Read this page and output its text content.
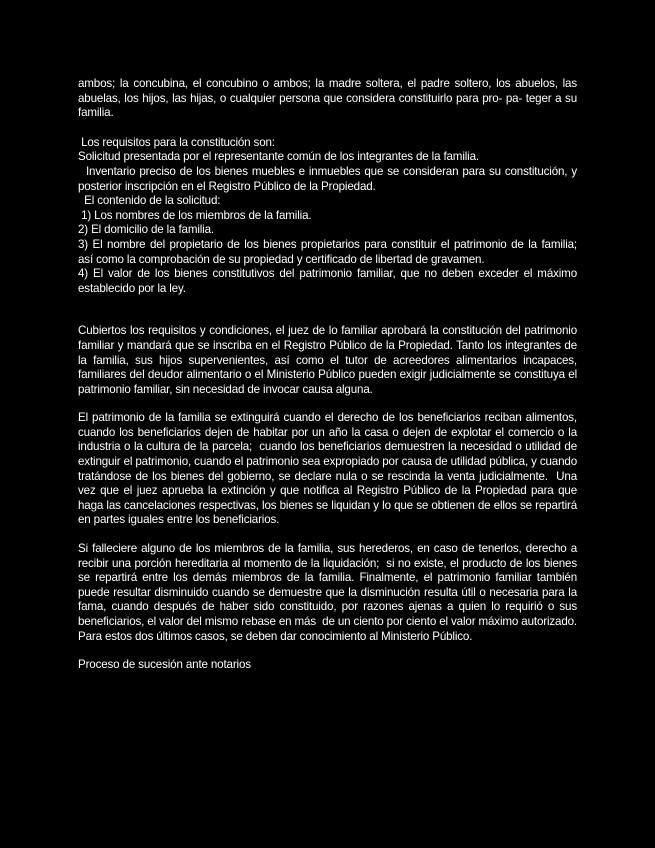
ambos; la concubina, el concubino o ambos; la madre soltera, el padre soltero, los abuelos, las abuelas, los hijos, las hijas, o cualquier persona que considera constituirlo para pro- pa- teger a su familia.

Los requisitos para la constitución son:

Solicitud presentada por el representante común de los integrantes de la familia.

Inventario preciso de los bienes muebles e inmuebles que se consideran para su constitución, y posterior inscripción en el Registro Público de la Propiedad.

El contenido de la solicitud:

1) Los nombres de los miembros de la familia.

2) El domicilio de la familia.

3) El nombre del propietario de los bienes propietarios para constituir el patrimonio de la familia;   así como la comprobación de su propiedad y certificado de libertad de gravamen.

4) El valor de los bienes constitutivos del patrimonio familiar, que no deben exceder el máximo establecido por la ley.

Cubiertos los requisitos y condiciones, el juez de lo familiar aprobará la constitución del patrimonio familiar y mandará que se inscriba en el Registro Público de la Propiedad. Tanto los integrantes de la familia, sus hijos supervenientes, así como el tutor de acreedores alimentarios incapaces, familiares del deudor alimentario o el Ministerio Público pueden exigir judicialmente se constituya el patrimonio familiar, sin necesidad de invocar causa alguna.

El patrimonio de la familia se extinguirá cuando el derecho de los beneficiarios reciban alimentos, cuando los beneficiarios dejen de habitar por un año la casa o dejen de explotar el comercio o la industria o la cultura de la parcela;  cuando los beneficiarios demuestren la necesidad o utilidad de extinguir el patrimonio, cuando el patrimonio sea expropiado por causa de utilidad pública, y cuando tratándose de los bienes del gobierno, se declare nula o se rescinda la venta judicialmente.  Una vez que el juez aprueba la extinción y que notifica al Registro Público de la Propiedad para que haga las cancelaciones respectivas, los bienes se liquidan y lo que se obtienen de ellos se repartirá en partes iguales entre los beneficiarios.

Si falleciere alguno de los miembros de la familia, sus herederos, en caso de tenerlos, derecho a recibir una porción hereditaria al momento de la liquidación;  si no existe, el producto de los bienes se repartirá entre los demás miembros de la familia. Finalmente, el patrimonio familiar también puede resultar disminuido cuando se demuestre que la disminución resulta útil o necesaria para la fama, cuando después de haber sido constituido, por razones ajenas a quien lo requirió o sus beneficiarios, el valor del mismo rebase en más  de un ciento por ciento el valor máximo autorizado. Para estos dos últimos casos, se deben dar conocimiento al Ministerio Público.

Proceso de sucesión ante notarios
